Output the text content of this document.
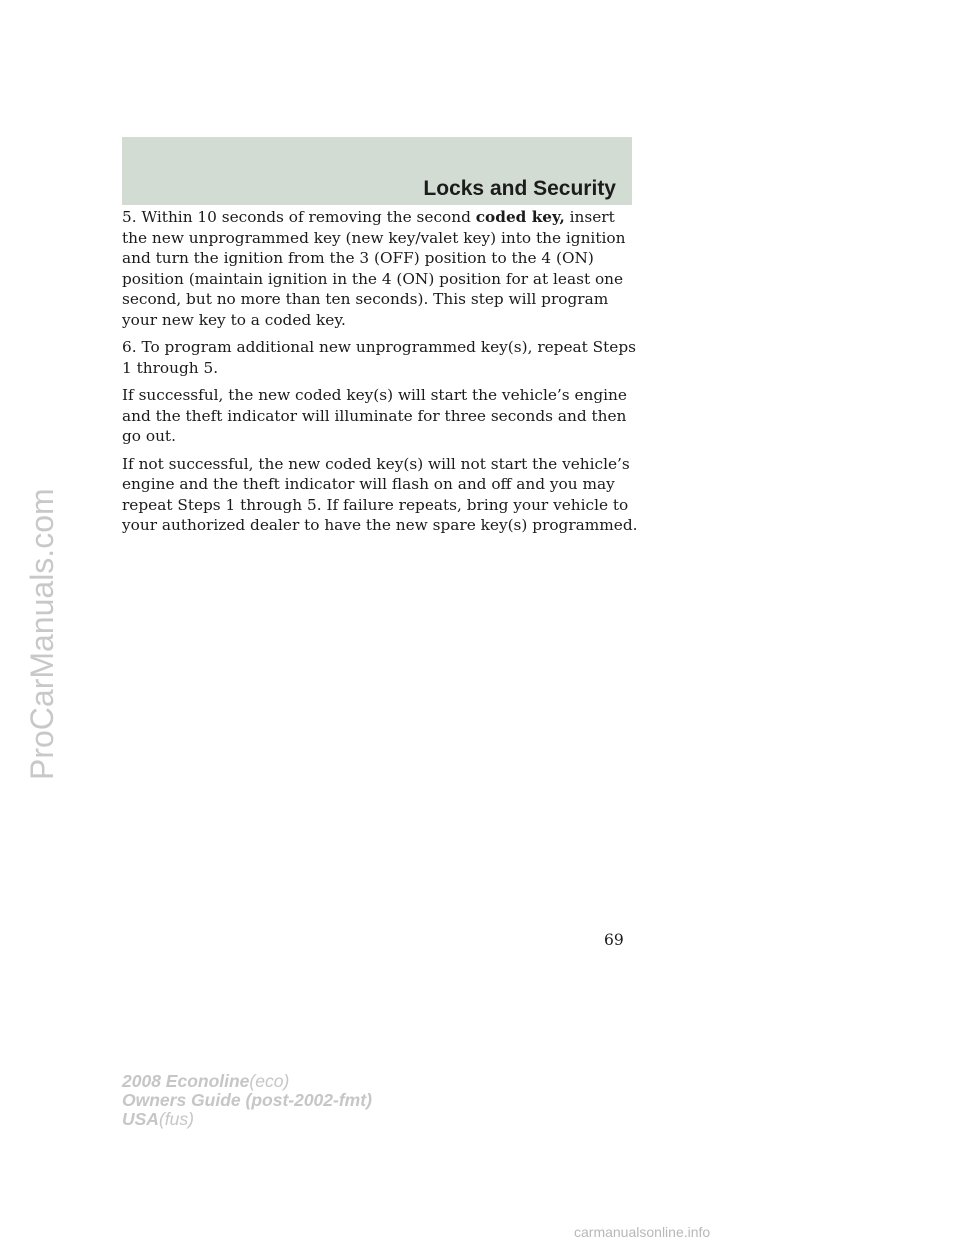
Locks and Security

5. Within 10 seconds of removing the second coded key, insert the new unprogrammed key (new key/valet key) into the ignition and turn the ignition from the 3 (OFF) position to the 4 (ON) position (maintain ignition in the 4 (ON) position for at least one second, but no more than ten seconds). This step will program your new key to a coded key.

6. To program additional new unprogrammed key(s), repeat Steps 1 through 5.

If successful, the new coded key(s) will start the vehicle’s engine and the theft indicator will illuminate for three seconds and then go out.

If not successful, the new coded key(s) will not start the vehicle’s engine and the theft indicator will flash on and off and you may repeat Steps 1 through 5. If failure repeats, bring your vehicle to your authorized dealer to have the new spare key(s) programmed.

69
2008 Econoline(eco)
Owners Guide (post-2002-fmt)
USA(fus)
ProCarManuals.com
carmanualsonline.info
